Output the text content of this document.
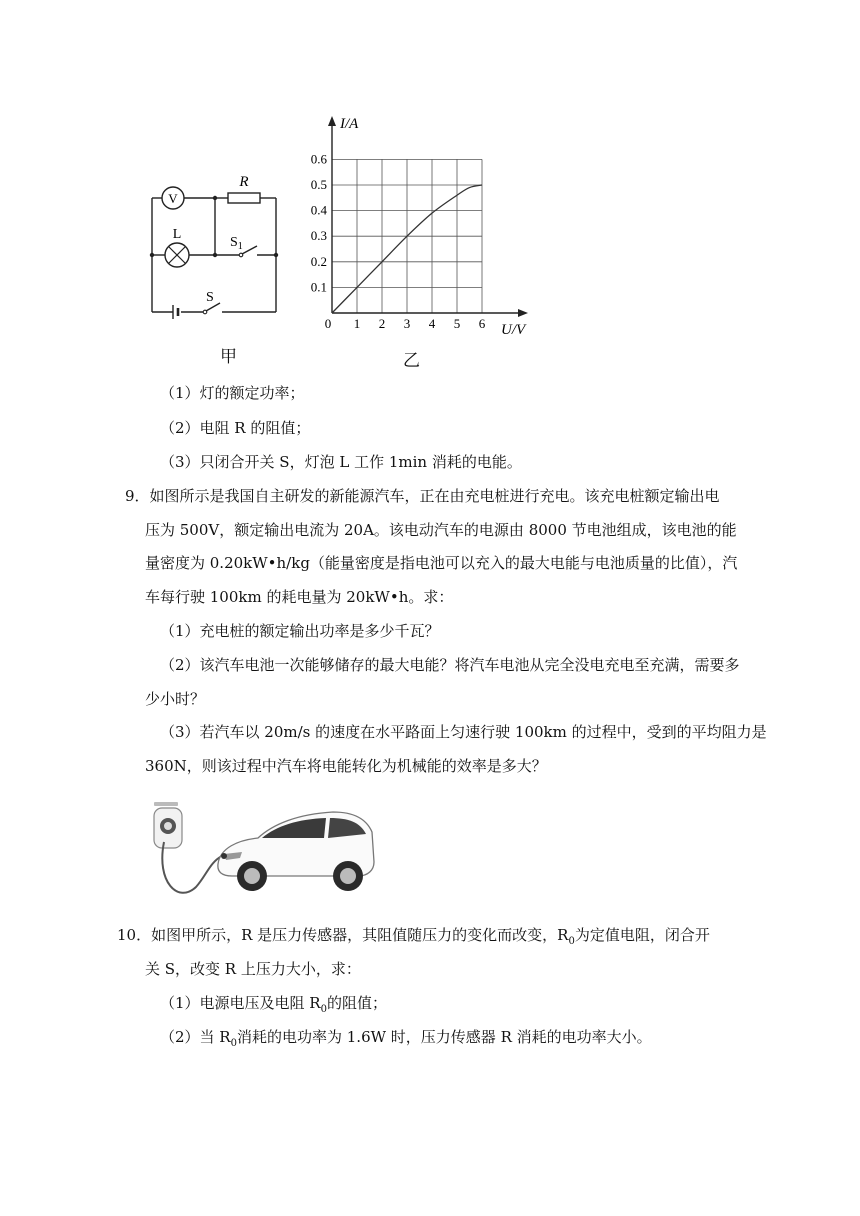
V
R
L
$S_1$
S
甲
1 2 3 4 5 6
0.1
0.2
0.3
0.4
0.5
0.6
I/A
U/V
0
乙
（1）灯的额定功率；
（2）电阻 R 的阻值；
（3）只闭合开关 S，灯泡 L 工作 1min 消耗的电能。
9．如图所示是我国自主研发的新能源汽车，正在由充电桩进行充电。该充电桩额定输出电
压为 500V，额定输出电流为 20A。该电动汽车的电源由 8000 节电池组成，该电池的能
量密度为 0.20kW•h/kg（能量密度是指电池可以充入的最大电能与电池质量的比值），汽
车每行驶 100km 的耗电量为 20kW•h。求：
（1）充电桩的额定输出功率是多少千瓦？
（2）该汽车电池一次能够储存的最大电能？将汽车电池从完全没电充电至充满，需要多
少小时？
（3）若汽车以 20m/s 的速度在水平路面上匀速行驶 100km 的过程中，受到的平均阻力是
360N，则该过程中汽车将电能转化为机械能的效率是多大？
10．如图甲所示，R 是压力传感器，其阻值随压力的变化而改变，$R_0$为定值电阻，闭合开
关 S，改变 R 上压力大小，求：
（1）电源电压及电阻 $R_0$的阻值；
（2）当 $R_0$消耗的电功率为 1.6W 时，压力传感器 R 消耗的电功率大小。
